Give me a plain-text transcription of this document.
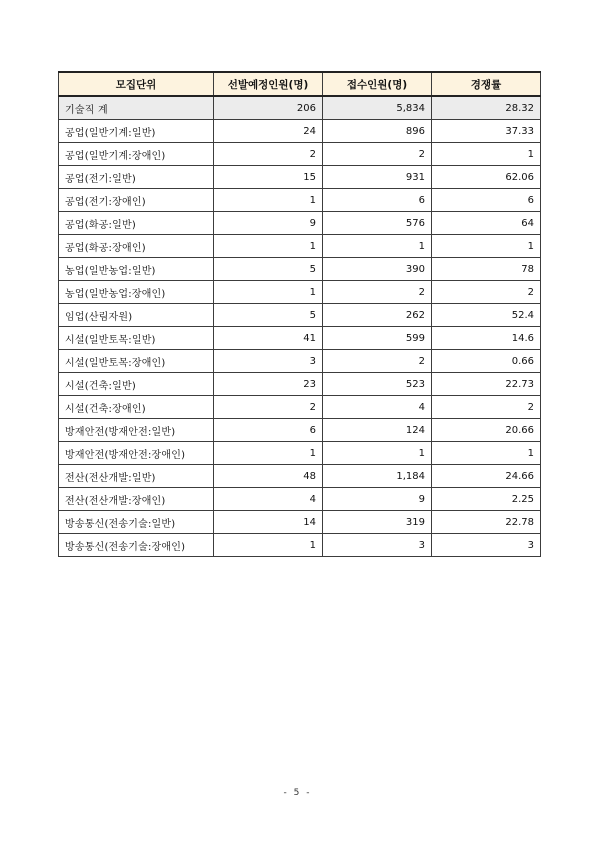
모집단위	선발예정인원(명)	접수인원(명)	경쟁률
기술직 계	206	5,834	28.32
공업(일반기계:일반)	24	896	37.33
공업(일반기계:장애인)	2	2	1
공업(전기:일반)	15	931	62.06
공업(전기:장애인)	1	6	6
공업(화공:일반)	9	576	64
공업(화공:장애인)	1	1	1
농업(일반농업:일반)	5	390	78
농업(일반농업:장애인)	1	2	2
임업(산림자원)	5	262	52.4
시설(일반토목:일반)	41	599	14.6
시설(일반토목:장애인)	3	2	0.66
시설(건축:일반)	23	523	22.73
시설(건축:장애인)	2	4	2
방재안전(방재안전:일반)	6	124	20.66
방재안전(방재안전:장애인)	1	1	1
전산(전산개발:일반)	48	1,184	24.66
전산(전산개발:장애인)	4	9	2.25
방송통신(전송기술:일반)	14	319	22.78
방송통신(전송기술:장애인)	1	3	3
- 5 -
